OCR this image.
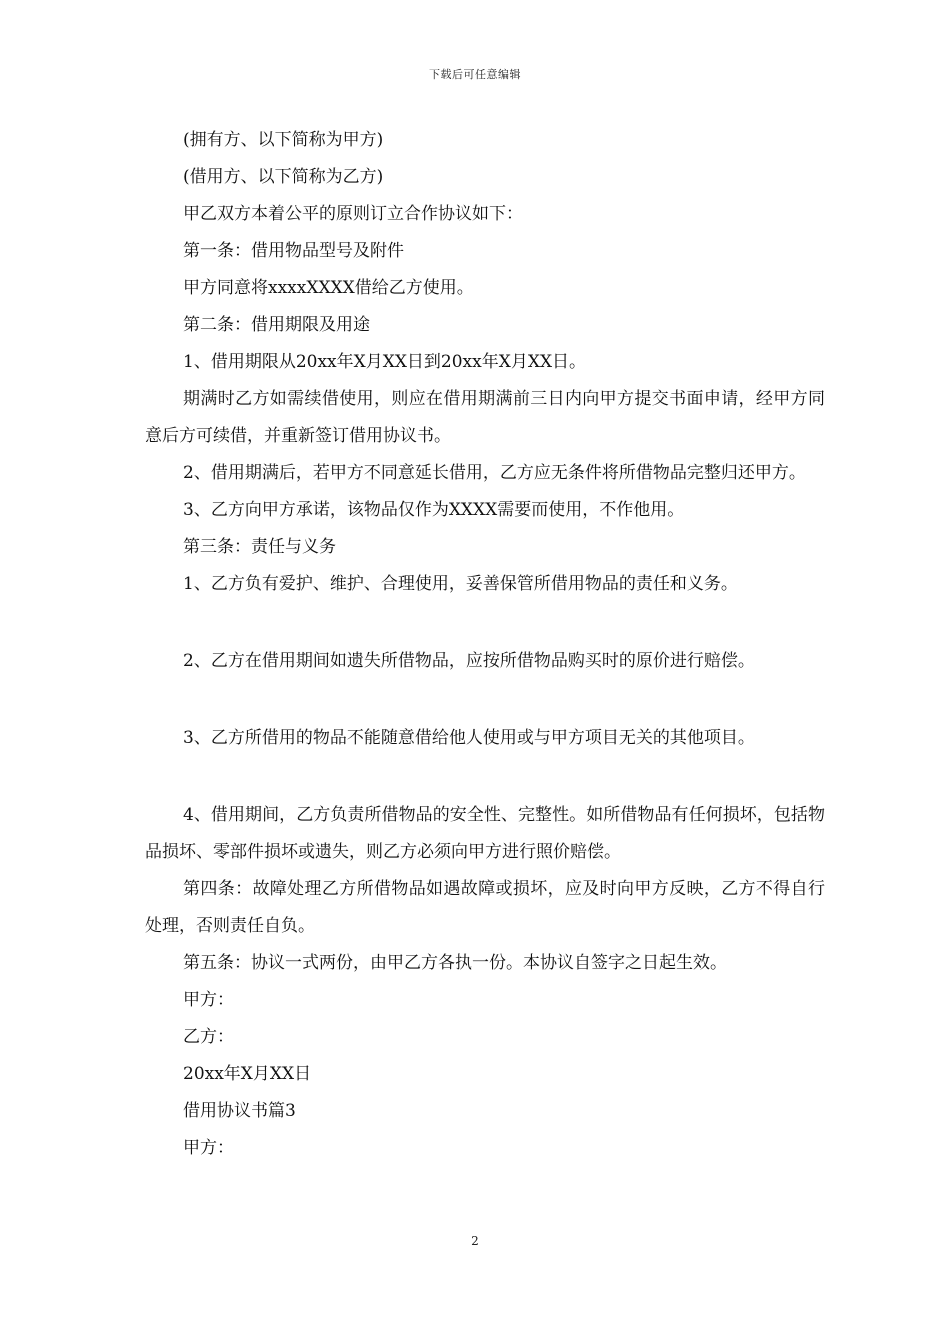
下载后可任意编辑

(拥有方、以下简称为甲方)

(借用方、以下简称为乙方)

甲乙双方本着公平的原则订立合作协议如下：

第一条：借用物品型号及附件

甲方同意将xxxxXXXX借给乙方使用。

第二条：借用期限及用途

1、借用期限从20xx年X月XX日到20xx年X月XX日。

期满时乙方如需续借使用，则应在借用期满前三日内向甲方提交书面申请，经甲方同意后方可续借，并重新签订借用协议书。

2、借用期满后，若甲方不同意延长借用，乙方应无条件将所借物品完整归还甲方。

3、乙方向甲方承诺，该物品仅作为XXXX需要而使用，不作他用。

第三条：责任与义务

1、乙方负有爱护、维护、合理使用，妥善保管所借用物品的责任和义务。

2、乙方在借用期间如遗失所借物品，应按所借物品购买时的原价进行赔偿。

3、乙方所借用的物品不能随意借给他人使用或与甲方项目无关的其他项目。

4、借用期间，乙方负责所借物品的安全性、完整性。如所借物品有任何损坏，包括物品损坏、零部件损坏或遗失，则乙方必须向甲方进行照价赔偿。

第四条：故障处理乙方所借物品如遇故障或损坏，应及时向甲方反映，乙方不得自行处理，否则责任自负。

第五条：协议一式两份，由甲乙方各执一份。本协议自签字之日起生效。

甲方：

乙方：

20xx年X月XX日

借用协议书篇3

甲方：

2
